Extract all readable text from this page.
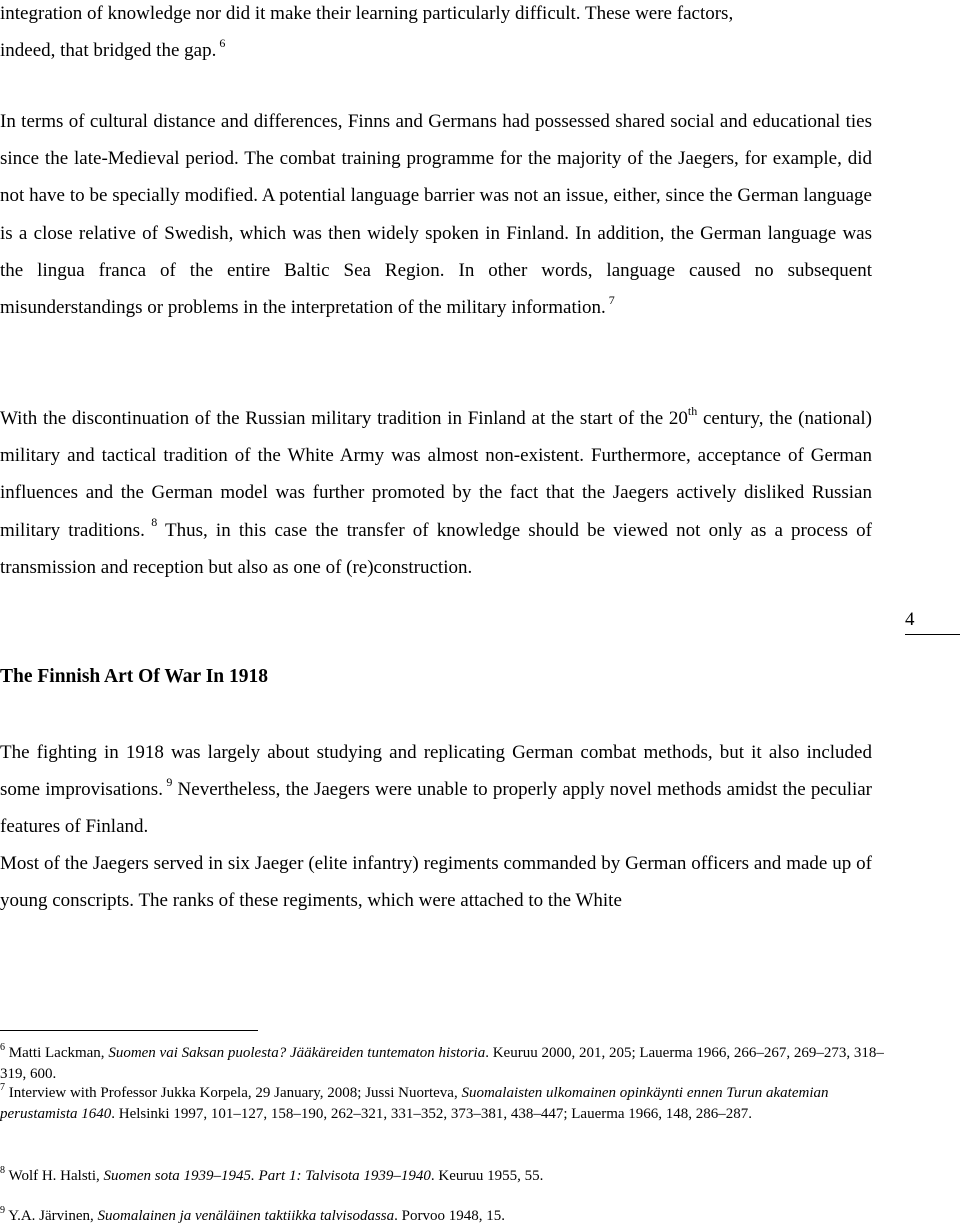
integration of knowledge nor did it make their learning particularly difficult. These were factors,
indeed, that bridged the gap. $^6$

In terms of cultural distance and differences, Finns and Germans had possessed shared social and educational ties since the late-Medieval period. The combat training programme for the majority of the Jaegers, for example, did not have to be specially modified. A potential language barrier was not an issue, either, since the German language is a close relative of Swedish, which was then widely spoken in Finland. In addition, the German language was the lingua franca of the entire Baltic Sea Region. In other words, language caused no subsequent misunderstandings or problems in the interpretation of the military information. $^7$

With the discontinuation of the Russian military tradition in Finland at the start of the 20th century, the (national) military and tactical tradition of the White Army was almost non-existent. Furthermore, acceptance of German influences and the German model was further promoted by the fact that the Jaegers actively disliked Russian military traditions. $^8$ Thus, in this case the transfer of knowledge should be viewed not only as a process of transmission and reception but also as one of (re)construction.

4
The Finnish Art Of War In 1918

The fighting in 1918 was largely about studying and replicating German combat methods, but it also included some improvisations. $^9$ Nevertheless, the Jaegers were unable to properly apply novel methods amidst the peculiar features of Finland.

Most of the Jaegers served in six Jaeger (elite infantry) regiments commanded by German officers and made up of young conscripts. The ranks of these regiments, which were attached to the White

$^6$ Matti Lackman, Suomen vai Saksan puolesta? Jääkäreiden tuntematon historia. Keuruu 2000, 201, 205; Lauerma 1966, 266–267, 269–273, 318–319, 600.

$^7$ Interview with Professor Jukka Korpela, 29 January, 2008; Jussi Nuorteva, Suomalaisten ulkomainen opinkäynti ennen Turun akatemian perustamista 1640. Helsinki 1997, 101–127, 158–190, 262–321, 331–352, 373–381, 438–447; Lauerma 1966, 148, 286–287.

$^8$ Wolf H. Halsti, Suomen sota 1939–1945. Part 1: Talvisota 1939–1940. Keuruu 1955, 55.

$^9$ Y.A. Järvinen, Suomalainen ja venäläinen taktiikka talvisodassa. Porvoo 1948, 15.
